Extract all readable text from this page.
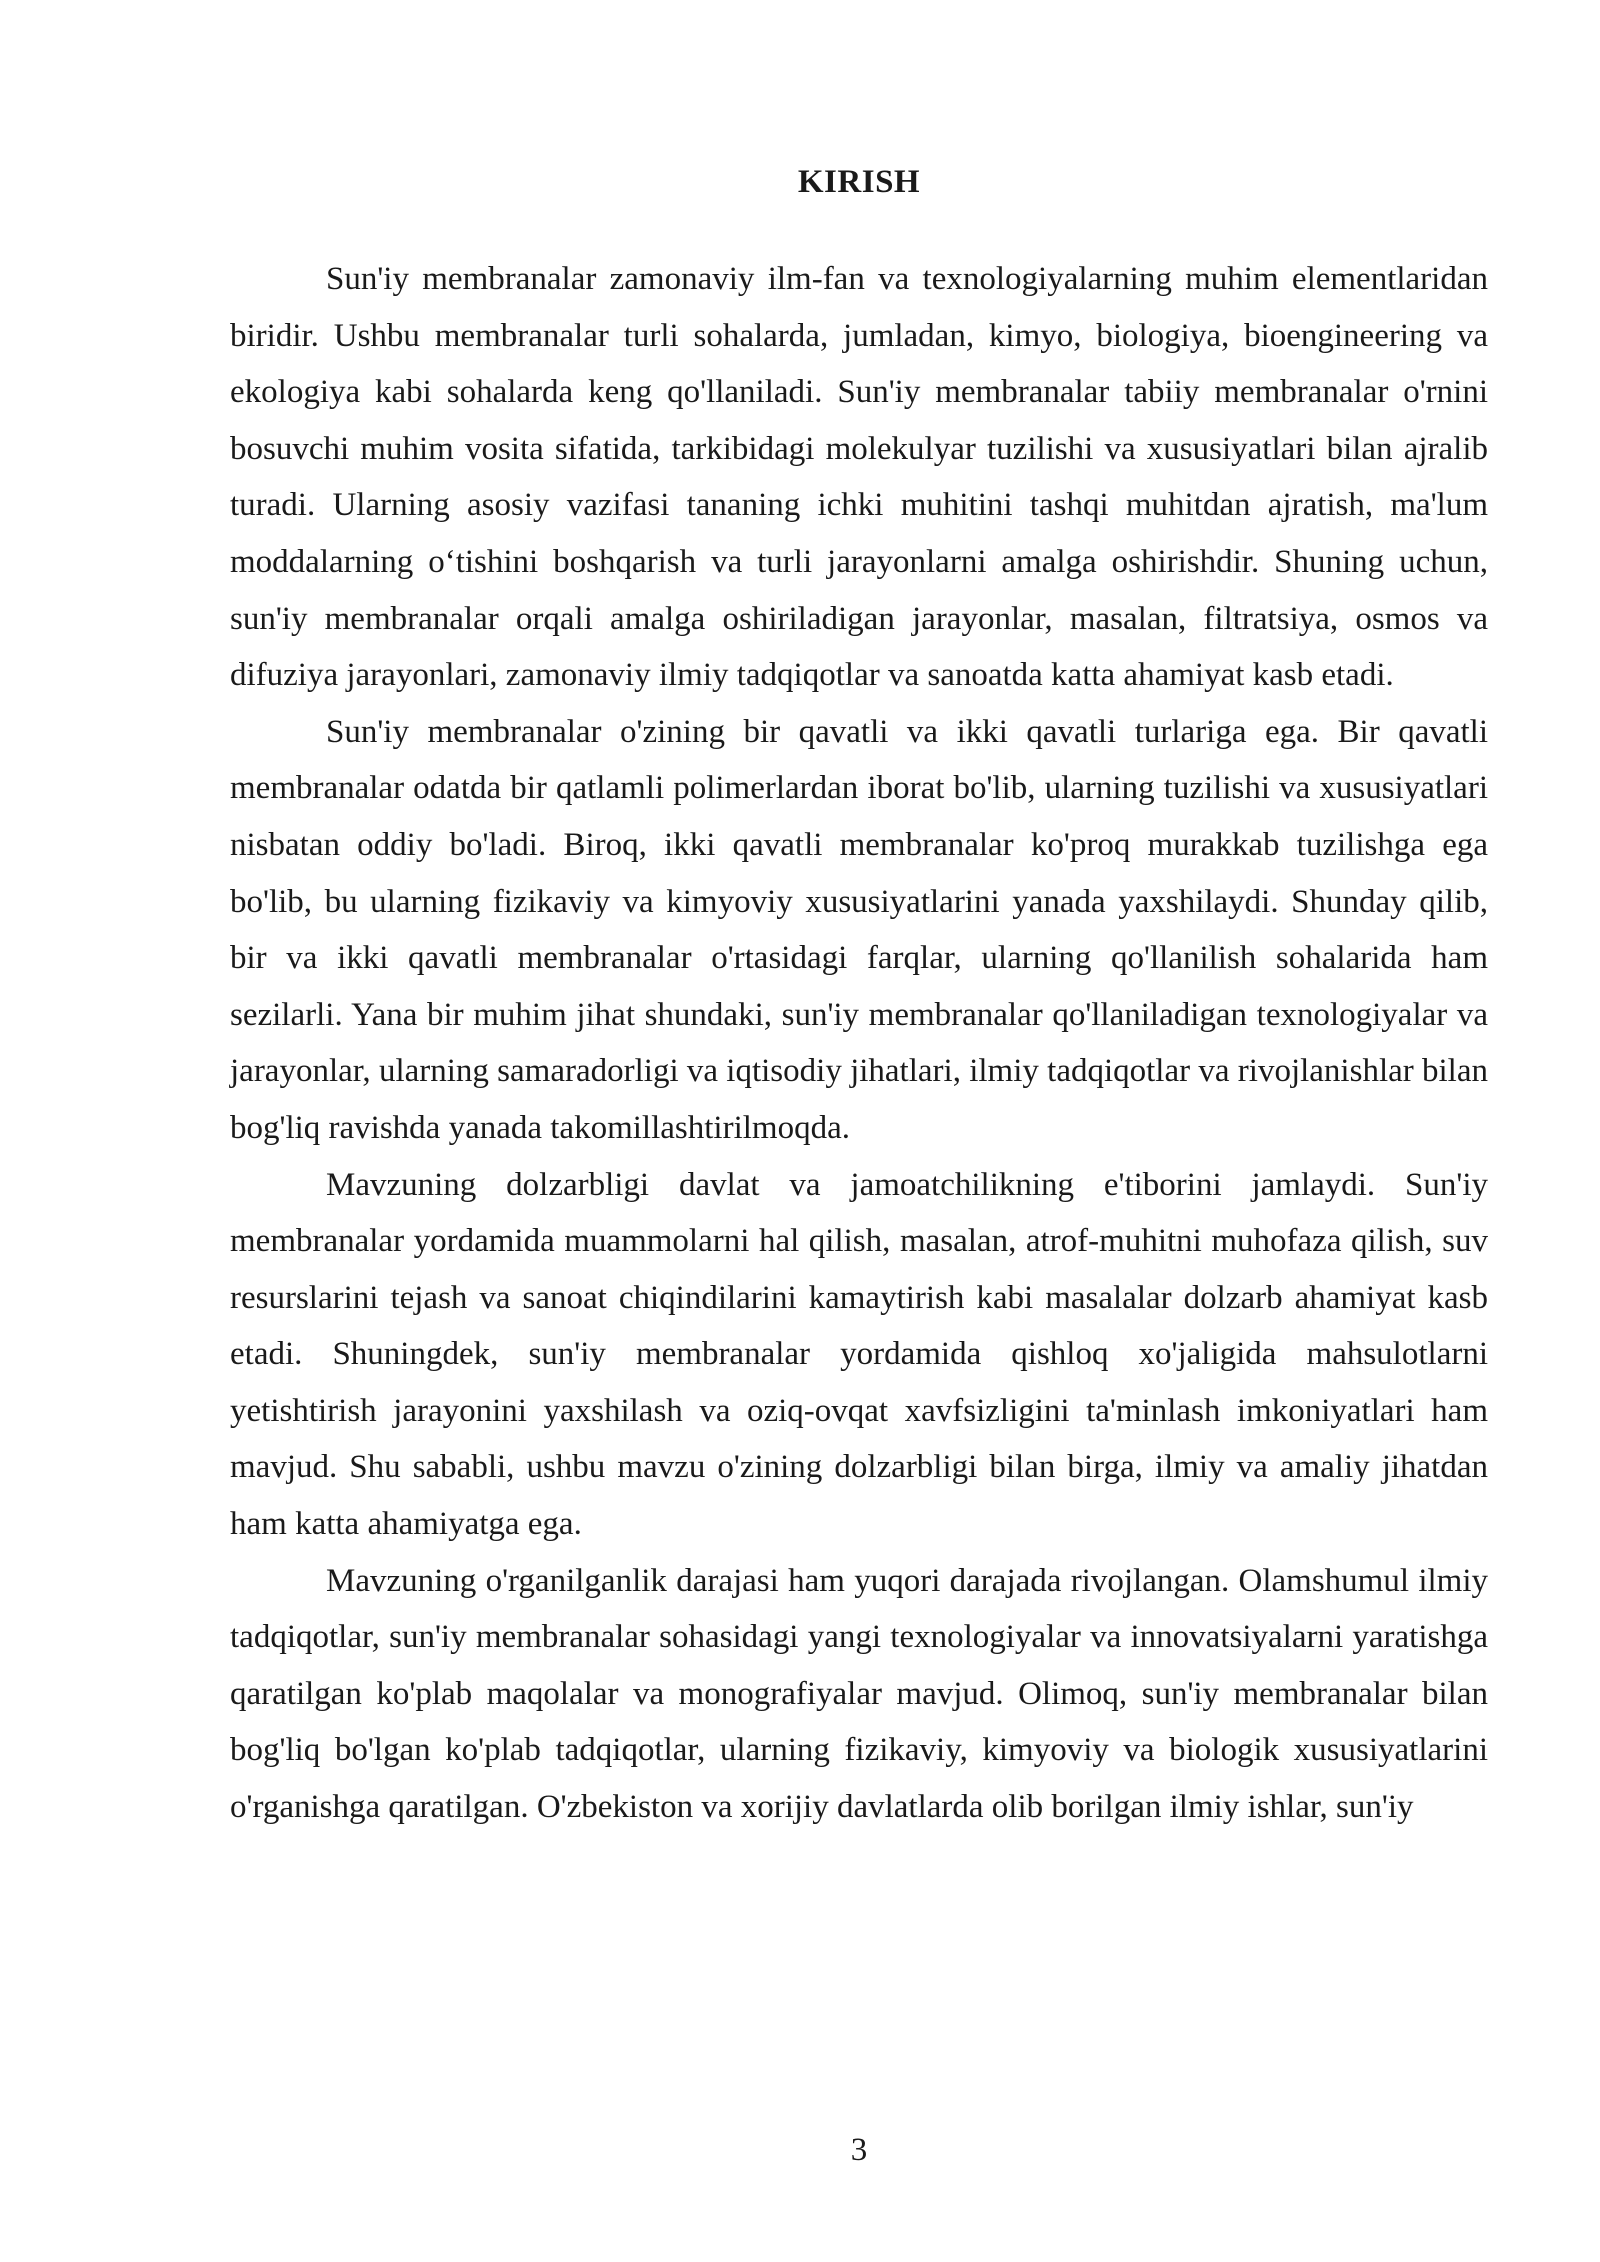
KIRISH

Sun'iy membranalar zamonaviy ilm-fan va texnologiyalarning muhim elementlaridan biridir. Ushbu membranalar turli sohalarda, jumladan, kimyo, biologiya, bioengineering va ekologiya kabi sohalarda keng qo'llaniladi. Sun'iy membranalar tabiiy membranalar o'rnini bosuvchi muhim vosita sifatida, tarkibidagi molekulyar tuzilishi va xususiyatlari bilan ajralib turadi. Ularning asosiy vazifasi tananing ichki muhitini tashqi muhitdan ajratish, ma'lum moddalarning o‘tishini boshqarish va turli jarayonlarni amalga oshirishdir. Shuning uchun, sun'iy membranalar orqali amalga oshiriladigan jarayonlar, masalan, filtratsiya, osmos va difuziya jarayonlari, zamonaviy ilmiy tadqiqotlar va sanoatda katta ahamiyat kasb etadi.

Sun'iy membranalar o'zining bir qavatli va ikki qavatli turlariga ega. Bir qavatli membranalar odatda bir qatlamli polimerlardan iborat bo'lib, ularning tuzilishi va xususiyatlari nisbatan oddiy bo'ladi. Biroq, ikki qavatli membranalar ko'proq murakkab tuzilishga ega bo'lib, bu ularning fizikaviy va kimyoviy xususiyatlarini yanada yaxshilaydi. Shunday qilib, bir va ikki qavatli membranalar o'rtasidagi farqlar, ularning qo'llanilish sohalarida ham sezilarli. Yana bir muhim jihat shundaki, sun'iy membranalar qo'llaniladigan texnologiyalar va jarayonlar, ularning samaradorligi va iqtisodiy jihatlari, ilmiy tadqiqotlar va rivojlanishlar bilan bog'liq ravishda yanada takomillashtirilmoqda.

Mavzuning dolzarbligi davlat va jamoatchilikning e'tiborini jamlaydi. Sun'iy membranalar yordamida muammolarni hal qilish, masalan, atrof-muhitni muhofaza qilish, suv resurslarini tejash va sanoat chiqindilarini kamaytirish kabi masalalar dolzarb ahamiyat kasb etadi. Shuningdek, sun'iy membranalar yordamida qishloq xo'jaligida mahsulotlarni yetishtirish jarayonini yaxshilash va oziq-ovqat xavfsizligini ta'minlash imkoniyatlari ham mavjud. Shu sababli, ushbu mavzu o'zining dolzarbligi bilan birga, ilmiy va amaliy jihatdan ham katta ahamiyatga ega.

Mavzuning o'rganilganlik darajasi ham yuqori darajada rivojlangan. Olamshumul ilmiy tadqiqotlar, sun'iy membranalar sohasidagi yangi texnologiyalar va innovatsiyalarni yaratishga qaratilgan ko'plab maqolalar va monografiyalar mavjud. Olimoq, sun'iy membranalar bilan bog'liq bo'lgan ko'plab tadqiqotlar, ularning fizikaviy, kimyoviy va biologik xususiyatlarini o'rganishga qaratilgan. O'zbekiston va xorijiy davlatlarda olib borilgan ilmiy ishlar, sun'iy

3
